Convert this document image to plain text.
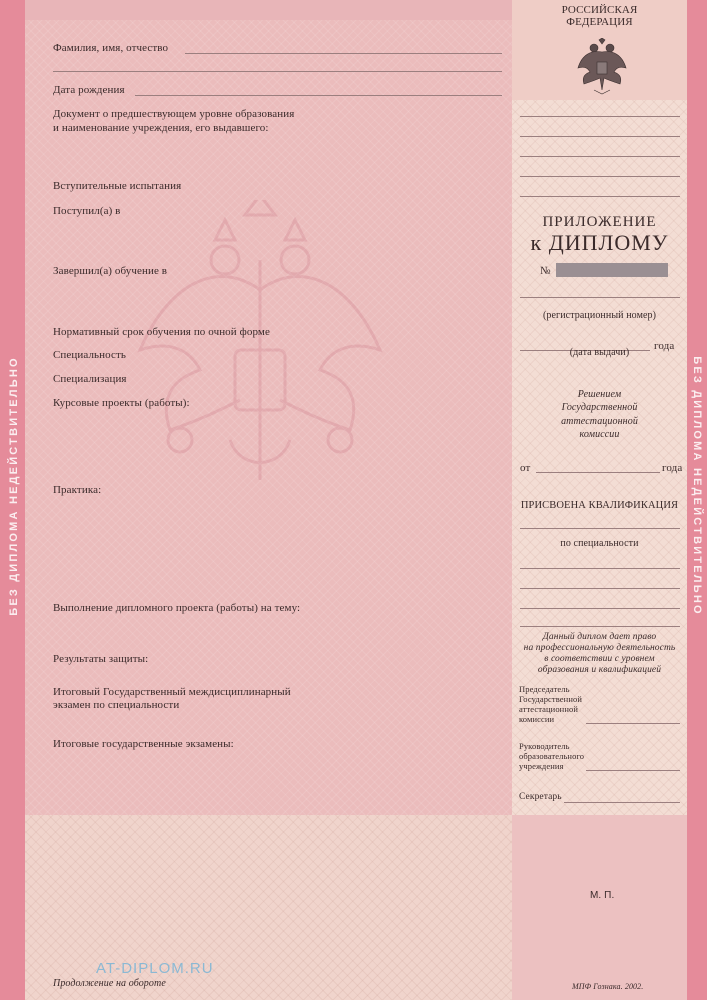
БЕЗ ДИПЛОМА НЕДЕЙСТВИТЕЛЬНО	БЕЗ ДИПЛОМА НЕДЕЙСТВИТЕЛЬНО
РОССИЙСКАЯ
ФЕДЕРАЦИЯ
Фамилия, имя, отчество
Дата рождения
Документ о предшествующем уровне образования
и наименование учреждения, его выдавшего:
Вступительные испытания
Поступил(а) в
Завершил(а) обучение в
Нормативный срок обучения по очной форме
Специальность
Специализация
Курсовые проекты (работы):
Практика:
Выполнение дипломного проекта (работы) на тему:
Результаты защиты:
Итоговый Государственный междисциплинарный
экзамен по специальности
Итоговые государственные экзамены:
Продолжение на обороте
AT-DIPLOM.RU
ПРИЛОЖЕНИЕ
к ДИПЛОМУ
№
(регистрационный номер)
года
(дата выдачи)
Решением
Государственной
аттестационной
комиссии
от	года
ПРИСВОЕНА КВАЛИФИКАЦИЯ
по специальности
Данный диплом дает право
на профессиональную деятельность
в соответствии с уровнем
образования и квалификацией
Председатель
Государственной
аттестационной
комиссии
Руководитель
образовательного
учреждения
Секретарь
М. П.
МПФ Гознака. 2002.
